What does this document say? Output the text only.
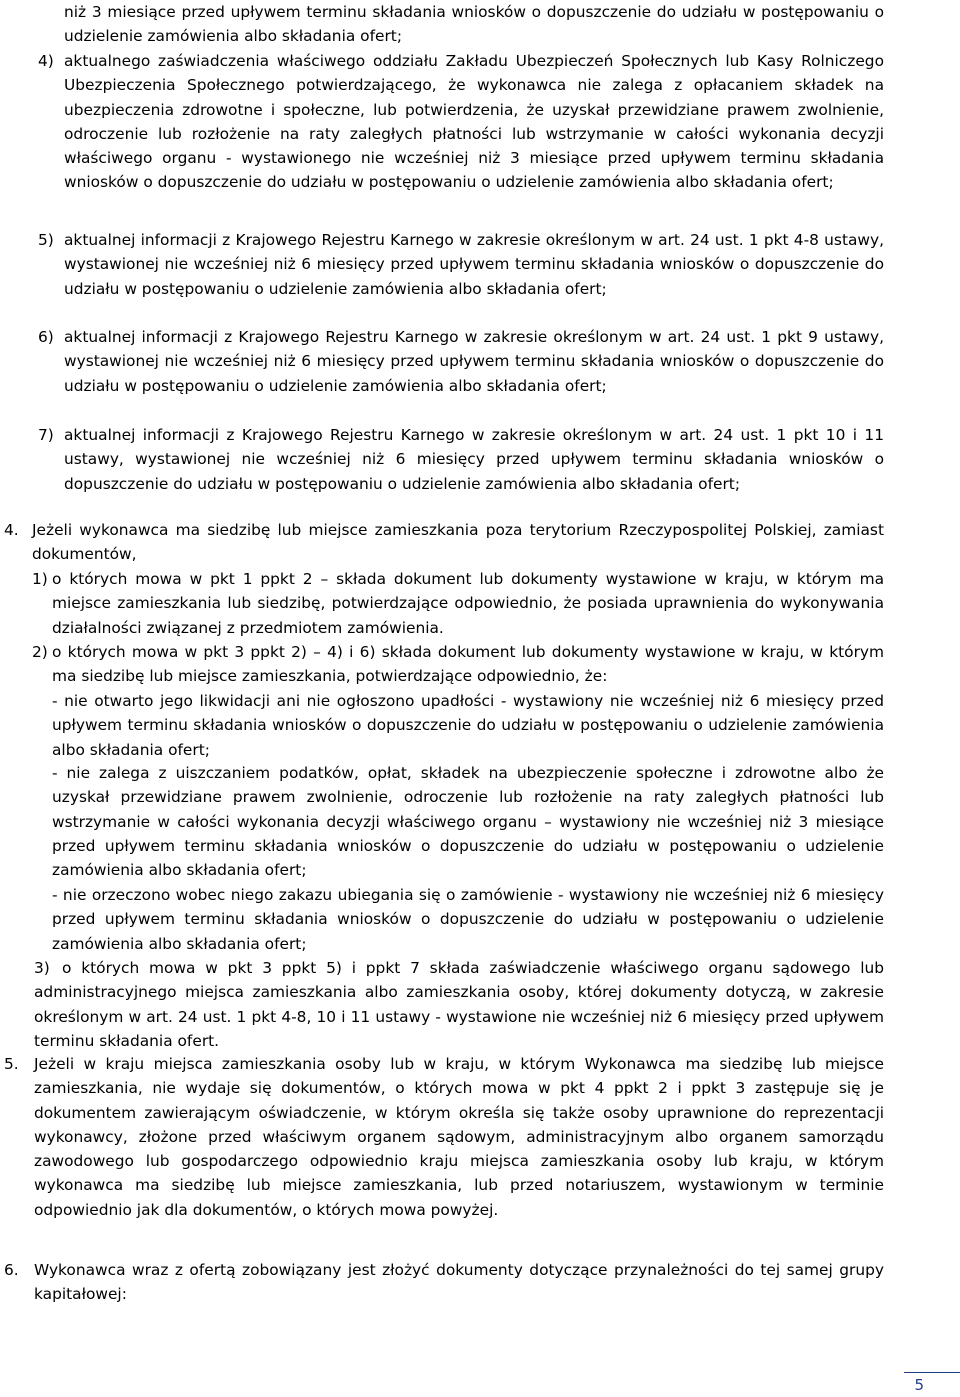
niż 3 miesiące przed upływem terminu składania wniosków o dopuszczenie do udziału w postępowaniu o udzielenie zamówienia albo składania ofert;

4) aktualnego zaświadczenia właściwego oddziału Zakładu Ubezpieczeń Społecznych lub Kasy Rolniczego Ubezpieczenia Społecznego potwierdzającego, że wykonawca nie zalega z opłacaniem składek na ubezpieczenia zdrowotne i społeczne, lub potwierdzenia, że uzyskał przewidziane prawem zwolnienie, odroczenie lub rozłożenie na raty zaległych płatności lub wstrzymanie w całości wykonania decyzji właściwego organu - wystawionego nie wcześniej niż 3 miesiące przed upływem terminu składania wniosków o dopuszczenie do udziału w postępowaniu o udzielenie zamówienia albo składania ofert;

5) aktualnej informacji z Krajowego Rejestru Karnego w zakresie określonym w art. 24 ust. 1 pkt 4-8 ustawy, wystawionej nie wcześniej niż 6 miesięcy przed upływem terminu składania wniosków o dopuszczenie do udziału w postępowaniu o udzielenie zamówienia albo składania ofert;

6) aktualnej informacji z Krajowego Rejestru Karnego w zakresie określonym w art. 24 ust. 1 pkt 9 ustawy, wystawionej nie wcześniej niż 6 miesięcy przed upływem terminu składania wniosków o dopuszczenie do udziału w postępowaniu o udzielenie zamówienia albo składania ofert;

7) aktualnej informacji z Krajowego Rejestru Karnego w zakresie określonym w art. 24 ust. 1 pkt 10 i 11 ustawy, wystawionej nie wcześniej niż 6 miesięcy przed upływem terminu składania wniosków o dopuszczenie do udziału w postępowaniu o udzielenie zamówienia albo składania ofert;

4. Jeżeli wykonawca ma siedzibę lub miejsce zamieszkania poza terytorium Rzeczypospolitej Polskiej, zamiast dokumentów,

1) o których mowa w pkt 1 ppkt 2 – składa dokument lub dokumenty wystawione w kraju, w którym ma miejsce zamieszkania lub siedzibę, potwierdzające odpowiednio, że posiada uprawnienia do wykonywania działalności związanej z przedmiotem zamówienia.

2) o których mowa w pkt 3 ppkt 2) – 4) i 6) składa dokument lub dokumenty wystawione w kraju, w którym ma siedzibę lub miejsce zamieszkania, potwierdzające odpowiednio, że:

- nie otwarto jego likwidacji ani nie ogłoszono upadłości - wystawiony nie wcześniej niż 6 miesięcy przed upływem terminu składania wniosków o dopuszczenie do udziału w postępowaniu o udzielenie zamówienia albo składania ofert;

- nie zalega z uiszczaniem podatków, opłat, składek na ubezpieczenie społeczne i zdrowotne albo że uzyskał przewidziane prawem zwolnienie, odroczenie lub rozłożenie na raty zaległych płatności lub wstrzymanie w całości wykonania decyzji właściwego organu – wystawiony nie wcześniej niż 3 miesiące przed upływem terminu składania wniosków o dopuszczenie do udziału w postępowaniu o udzielenie zamówienia albo składania ofert;

- nie orzeczono wobec niego zakazu ubiegania się o zamówienie - wystawiony nie wcześniej niż 6 miesięcy przed upływem terminu składania wniosków o dopuszczenie do udziału w postępowaniu o udzielenie zamówienia albo składania ofert;

3) o których mowa w pkt 3 ppkt 5) i ppkt 7 składa zaświadczenie właściwego organu sądowego lub administracyjnego miejsca zamieszkania albo zamieszkania osoby, której dokumenty dotyczą, w zakresie określonym w art. 24 ust. 1 pkt 4-8, 10 i 11 ustawy - wystawione nie wcześniej niż 6 miesięcy przed upływem terminu składania ofert.

5. Jeżeli w kraju miejsca zamieszkania osoby lub w kraju, w którym Wykonawca ma siedzibę lub miejsce zamieszkania, nie wydaje się dokumentów, o których mowa w pkt 4 ppkt 2 i ppkt 3 zastępuje się je dokumentem zawierającym oświadczenie, w którym określa się także osoby uprawnione do reprezentacji wykonawcy, złożone przed właściwym organem sądowym, administracyjnym albo organem samorządu zawodowego lub gospodarczego odpowiednio kraju miejsca zamieszkania osoby lub kraju, w którym wykonawca ma siedzibę lub miejsce zamieszkania, lub przed notariuszem, wystawionym w terminie odpowiednio jak dla dokumentów, o których mowa powyżej.

6. Wykonawca wraz z ofertą zobowiązany jest złożyć dokumenty dotyczące przynależności do tej samej grupy kapitałowej:

5
